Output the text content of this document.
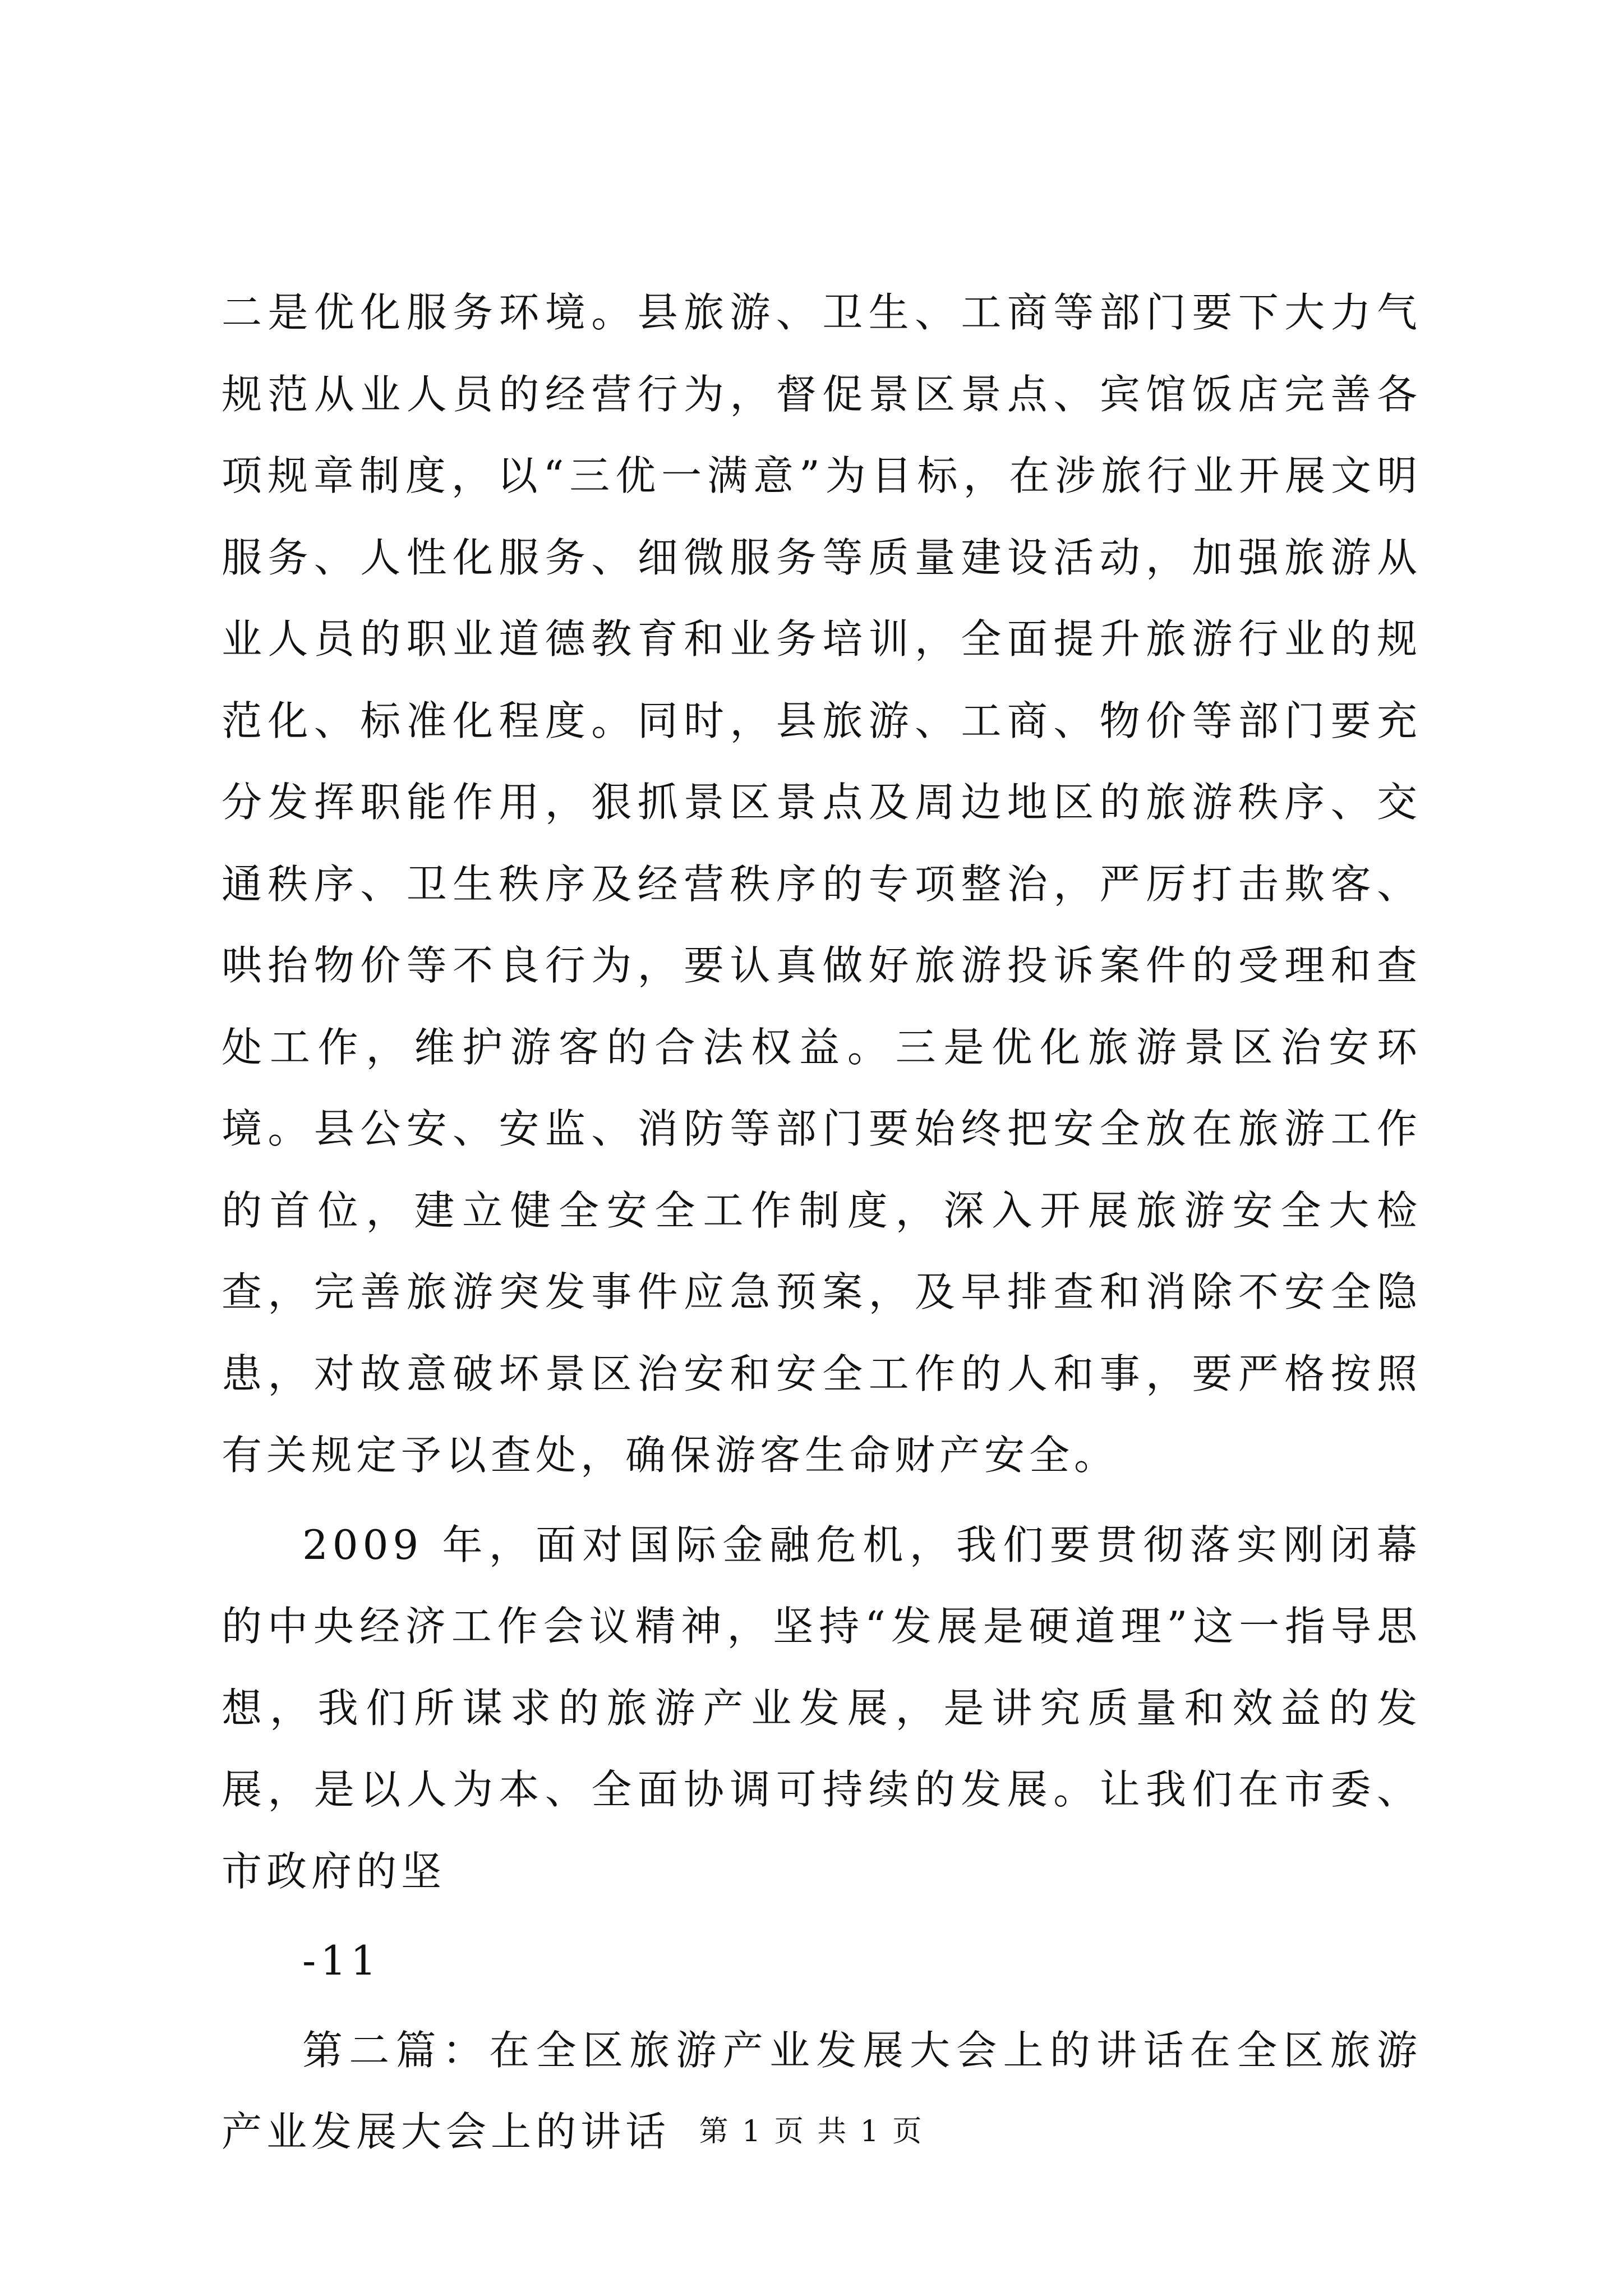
二是优化服务环境。县旅游、卫生、工商等部门要下大力气规范从业人员的经营行为，督促景区景点、宾馆饭店完善各项规章制度，以“三优一满意”为目标，在涉旅行业开展文明服务、人性化服务、细微服务等质量建设活动，加强旅游从业人员的职业道德教育和业务培训，全面提升旅游行业的规范化、标准化程度。同时，县旅游、工商、物价等部门要充分发挥职能作用，狠抓景区景点及周边地区的旅游秩序、交通秩序、卫生秩序及经营秩序的专项整治，严厉打击欺客、哄抬物价等不良行为，要认真做好旅游投诉案件的受理和查处工作，维护游客的合法权益。三是优化旅游景区治安环境。县公安、安监、消防等部门要始终把安全放在旅游工作的首位，建立健全安全工作制度，深入开展旅游安全大检查，完善旅游突发事件应急预案，及早排查和消除不安全隐患，对故意破坏景区治安和安全工作的人和事，要严格按照有关规定予以查处，确保游客生命财产安全。

2009 年，面对国际金融危机，我们要贯彻落实刚闭幕的中央经济工作会议精神，坚持“发展是硬道理”这一指导思想，我们所谋求的旅游产业发展，是讲究质量和效益的发展，是以人为本、全面协调可持续的发展。让我们在市委、市政府的坚

-11

第二篇：在全区旅游产业发展大会上的讲话在全区旅游产业发展大会上的讲话 第 1 页 共 1 页
